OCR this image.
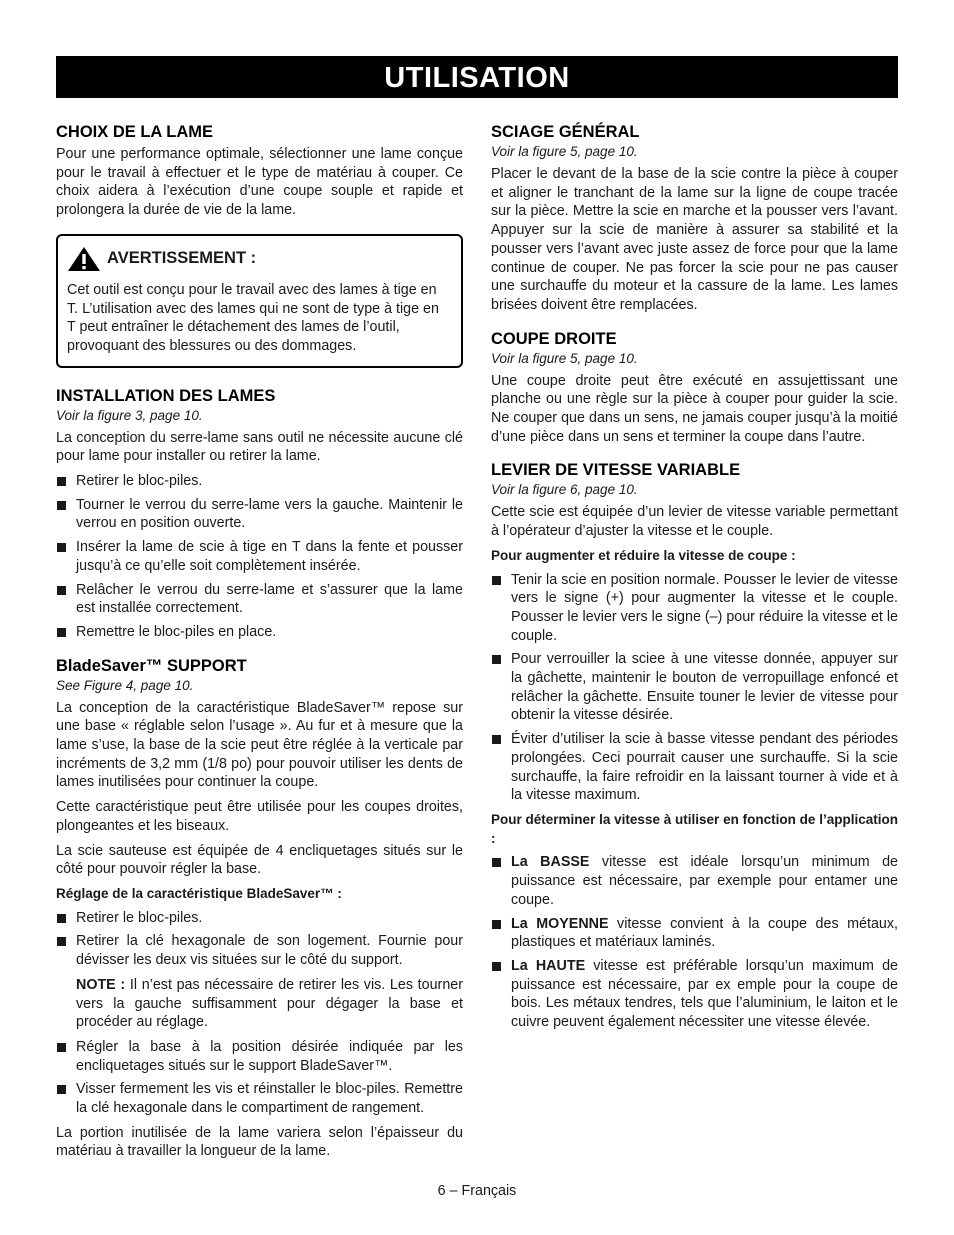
UTILISATION
CHOIX DE LA LAME

Pour une performance optimale, sélectionner une lame conçue pour le travail à effectuer et le type de matériau à couper. Ce choix aidera à l’exécution d’une coupe souple et rapide et prolongera la durée de vie de la lame.

AVERTISSEMENT :

Cet outil est conçu pour le travail avec des lames à tige en T. L’utilisation avec des lames qui ne sont de type à tige en T peut entraîner le détachement des lames de l’outil, provoquant des blessures ou des dommages.

INSTALLATION DES LAMES
Voir la figure 3, page 10.

La conception du serre-lame sans outil ne nécessite aucune clé pour lame pour installer ou retirer la lame.

Retirer le bloc-piles.
Tourner le verrou du serre-lame vers la gauche. Maintenir le verrou en position ouverte.
Insérer la lame de scie à tige en T dans la fente et pousser jusqu’à ce qu’elle soit complètement insérée.
Relâcher le verrou du serre-lame et s’assurer que la lame est installée correctement.
Remettre le bloc-piles en place.
BladeSaver™ SUPPORT
See Figure 4, page 10.

La conception de la caractéristique BladeSaver™ repose sur une base « réglable selon l’usage ». Au fur et à mesure que la lame s’use, la base de la scie peut être réglée à la verticale par incréments de 3,2 mm (1/8 po) pour pouvoir utiliser les dents de lames inutilisées pour continuer la coupe.

Cette caractéristique peut être utilisée pour les coupes droites, plongeantes et les biseaux.

La scie sauteuse est équipée de 4 encliquetages situés sur le côté pour pouvoir régler la base.

Réglage de la caractéristique BladeSaver™ :

Retirer le bloc-piles.
Retirer la clé hexagonale de son logement. Fournie pour dévisser les deux vis situées sur le côté du support.

NOTE : Il n’est pas nécessaire de retirer les vis. Les tourner vers la gauche suffisamment pour dégager la base et procéder au réglage.

Régler la base à la position désirée indiquée par les encliquetages situés sur le support BladeSaver™.
Visser fermement les vis et réinstaller le bloc-piles. Remettre la clé hexagonale dans le compartiment de rangement.

La portion inutilisée de la lame variera selon l’épaisseur du matériau à travailler la longueur de la lame.

SCIAGE GÉNÉRAL
Voir la figure 5, page 10.

Placer le devant de la base de la scie contre la pièce à couper et aligner le tranchant de la lame sur la ligne de coupe tracée sur la pièce. Mettre la scie en marche et la pousser vers l’avant. Appuyer sur la scie de manière à assurer sa stabilité et la pousser vers l’avant avec juste assez de force pour que la lame continue de couper. Ne pas forcer la scie pour ne pas causer une surchauffe du moteur et la cassure de la lame. Les lames brisées doivent être remplacées.

COUPE DROITE
Voir la figure 5, page 10.

Une coupe droite peut être exécuté en assujettissant une planche ou une règle sur la pièce à couper pour guider la scie. Ne couper que dans un sens, ne jamais couper jusqu’à la moitié d’une pièce dans un sens et terminer la coupe dans l’autre.

LEVIER DE VITESSE VARIABLE
Voir la figure 6, page 10.

Cette scie est équipée d’un levier de vitesse variable permettant à l’opérateur d’ajuster la vitesse et le couple.

Pour augmenter et réduire la vitesse de coupe :

Tenir la scie en position normale. Pousser le levier de vitesse vers le signe (+) pour augmenter la vitesse et le couple. Pousser le levier vers le signe (–) pour réduire la vitesse et le couple.
Pour verrouiller la sciee à une vitesse donnée, appuyer sur la gâchette, maintenir le bouton de verropuillage enfoncé et relâcher la gâchette. Ensuite touner le levier de vitesse pour obtenir la vitesse désirée.
Éviter d’utiliser la scie à basse vitesse pendant des périodes prolongées. Ceci pourrait causer une surchauffe. Si la scie surchauffe, la faire refroidir en la laissant tourner à vide et à la vitesse maximum.

Pour déterminer la vitesse à utiliser en fonction de l’application :

La BASSE vitesse est idéale lorsqu’un minimum de puissance est nécessaire, par exemple pour entamer une coupe.
La MOYENNE vitesse convient à la coupe des métaux, plastiques et matériaux laminés.
La HAUTE vitesse est préférable lorsqu’un maximum de puissance est nécessaire, par ex emple pour la coupe de bois. Les métaux tendres, tels que l’aluminium, le laiton et le cuivre peuvent également nécessiter une vitesse élevée.
6 – Français
